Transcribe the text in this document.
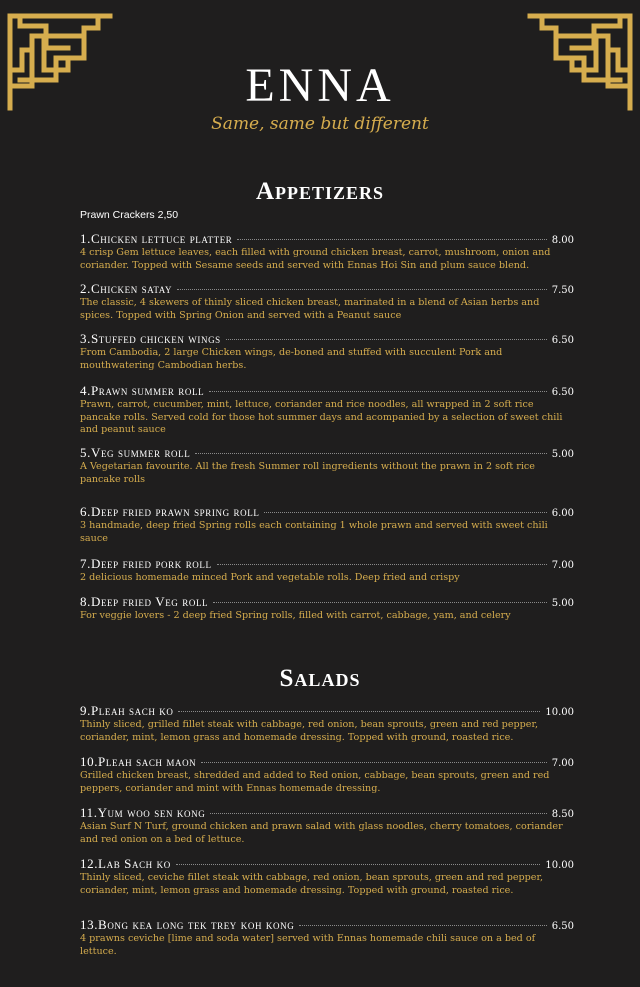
ENNA
Same, same but different
Appetizers
Prawn Crackers 2,50
1.Chicken lettuce platter	8.00
4 crisp Gem lettuce leaves, each filled with ground chicken breast, carrot, mushroom, onion and coriander. Topped with Sesame seeds and served with Ennas Hoi Sin and plum sauce blend.
2.Chicken satay	7.50
The classic, 4 skewers of thinly sliced chicken breast, marinated in a blend of Asian herbs and spices. Topped with Spring Onion and served with a Peanut sauce
3.Stuffed chicken wings	6.50
From Cambodia, 2 large Chicken wings, de-boned and stuffed with succulent Pork and mouthwatering Cambodian herbs.
4.Prawn summer roll	6.50
Prawn, carrot, cucumber, mint, lettuce, coriander and rice noodles, all wrapped in 2 soft rice pancake rolls. Served cold for those hot summer days and acompanied by a selection of sweet chili and peanut sauce
5.Veg summer roll	5.00
A Vegetarian favourite. All the fresh Summer roll ingredients without the prawn in 2 soft rice pancake rolls
6.Deep fried prawn spring roll	6.00
3 handmade, deep fried Spring rolls each containing 1 whole prawn and served with sweet chili sauce
7.Deep fried pork roll	7.00
2 delicious homemade minced Pork and vegetable rolls. Deep fried and crispy
8.Deep fried Veg roll	5.00
For veggie lovers - 2 deep fried Spring rolls, filled with carrot, cabbage, yam, and celery
Salads
9.Pleah sach ko	10.00
Thinly sliced, grilled fillet steak with cabbage, red onion, bean sprouts, green and red pepper, coriander, mint, lemon grass and homemade dressing. Topped with ground, roasted rice.
10.Pleah sach maon	7.00
Grilled chicken breast, shredded and added to Red onion, cabbage, bean sprouts, green and red peppers, coriander and mint with Ennas homemade dressing.
11.Yum woo sen kong	8.50
Asian Surf N Turf, ground chicken and prawn salad with glass noodles, cherry tomatoes, coriander and red onion on a bed of lettuce.
12.Lab Sach ko	10.00
Thinly sliced, ceviche fillet steak with cabbage, red onion, bean sprouts, green and red pepper, coriander, mint, lemon grass and homemade dressing. Topped with ground, roasted rice.
13.Bong kea long tek trey koh kong	6.50
4 prawns ceviche [lime and soda water] served with Ennas homemade chili sauce on a bed of lettuce.
